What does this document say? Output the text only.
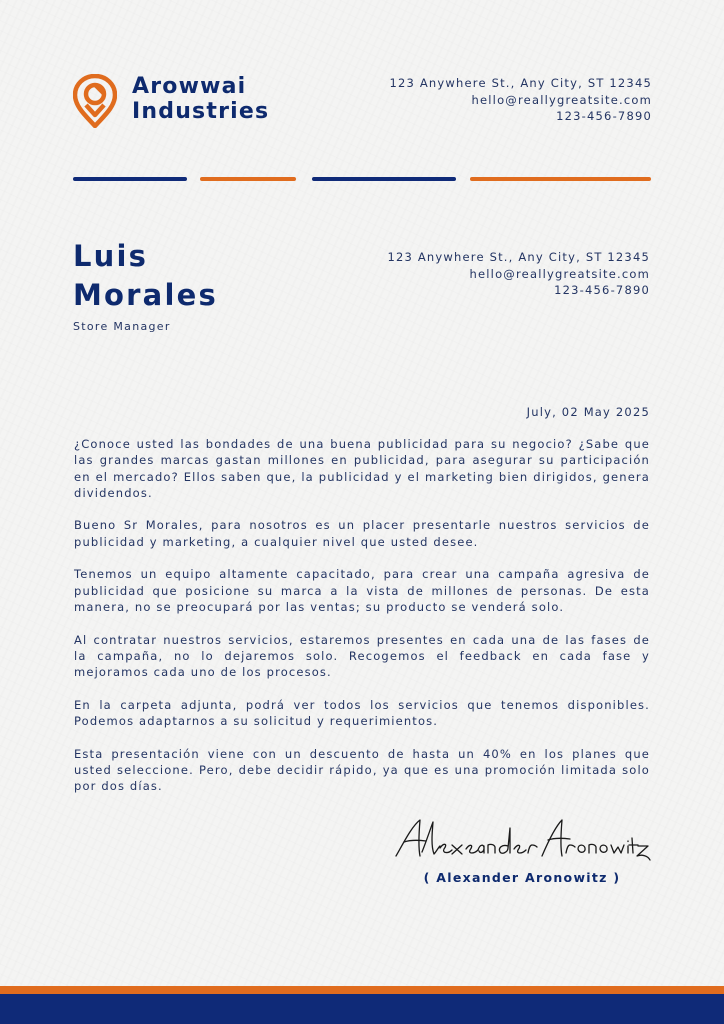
Arowwai
Industries
123 Anywhere St., Any City, ST 12345
hello@reallygreatsite.com
123-456-7890
Luis
Morales
Store Manager
123 Anywhere St., Any City, ST 12345
hello@reallygreatsite.com
123-456-7890
July, 02 May 2025

¿Conoce usted las bondades de una buena publicidad para su negocio? ¿Sabe que las grandes marcas gastan millones en publicidad, para asegurar su participación en el mercado? Ellos saben que, la publicidad y el marketing bien dirigidos, genera dividendos.

Bueno Sr Morales, para nosotros es un placer presentarle nuestros servicios de publicidad y marketing, a cualquier nivel que usted desee.

Tenemos un equipo altamente capacitado, para crear una campaña agresiva de publicidad que posicione su marca a la vista de millones de personas. De esta manera, no se preocupará por las ventas; su producto se venderá solo.

Al contratar nuestros servicios, estaremos presentes en cada una de las fases de la campaña, no lo dejaremos solo. Recogemos el feedback en cada fase y mejoramos cada uno de los procesos.

En la carpeta adjunta, podrá ver todos los servicios que tenemos disponibles. Podemos adaptarnos a su solicitud y requerimientos.

Esta presentación viene con un descuento de hasta un 40% en los planes que usted seleccione. Pero, debe decidir rápido, ya que es una promoción limitada solo por dos días.

( Alexander Aronowitz )
